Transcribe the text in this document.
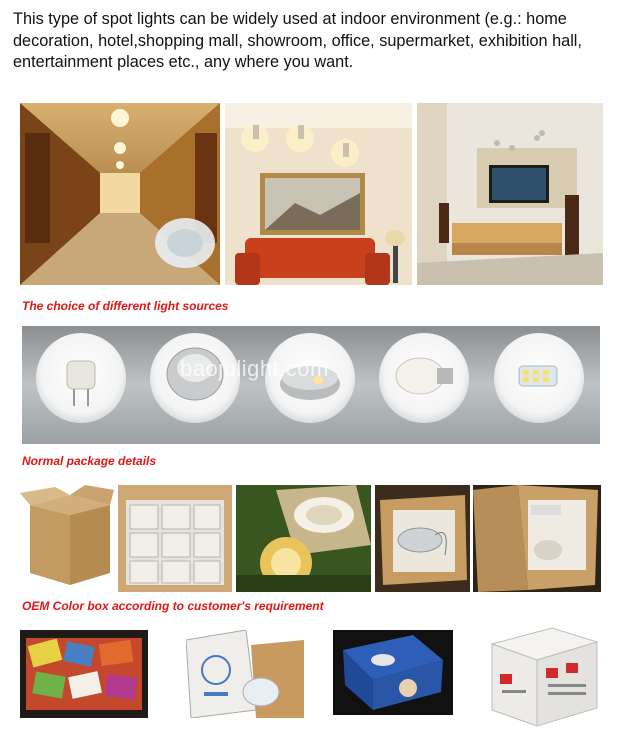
This type of spot lights can be widely used at indoor environment (e.g.: home decoration, hotel,shopping mall, showroom, office, supermarket, exhibition hall, entertainment places etc., any where you want.
The choice of different light sources
baojulight.com
Normal package details
OEM Color box according to customer's requirement
